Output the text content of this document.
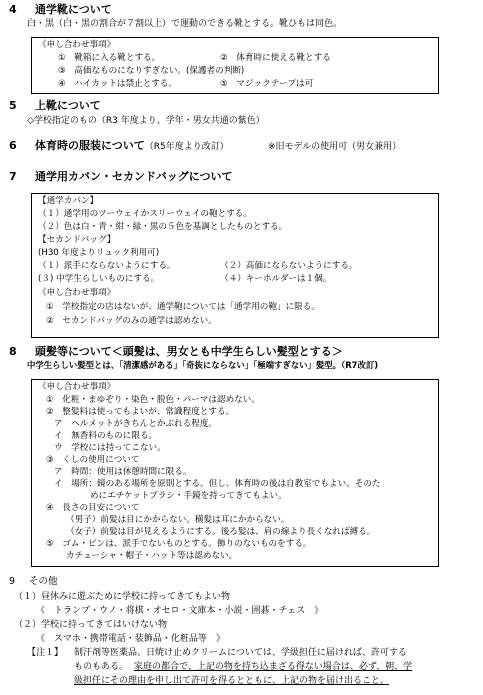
4 通学靴について
白・黒（白・黒の割合が７割以上）で運動のできる靴とする。靴ひもは同色。
《申し合わせ事項》
①　靴箱に入る靴とする。	②　体育時に使える靴とする
③　高価なものになりすぎない。(保護者の判断)
④　ハイカットは禁止とする。	⑤　マジックテープは可
5 上靴について
◇学校指定のもの（R3 年度より、学年・男女共通の紫色）
6 体育時の服装について（R5年度より改訂）	※旧モデルの使用可（男女兼用）
7 通学用カバン・セカンドバッグについて
【通学カバン】
（１）通学用のツーウェイかスリーウェイの鞄とする。
（２）色は白・青・紺・緑・黒の５色を基調としたものとする。
【セカンドバッグ】
(H30 年度よりリュック利用可)
（１）派手にならないようにする。	（２）高価にならないようにする。
(３) 中学生らしいものにする。	（４）キーホルダーは１個。
《申し合わせ事項》
①　学校指定の店はないが、通学鞄については「通学用の鞄」に限る。
②　セカンドバッグのみの通学は認めない。
8 頭髪等について＜頭髪は、男女とも中学生らしい髪型とする＞
中学生らしい髪型とは、「清潔感がある」「奇抜にならない」「極端すぎない」髪型。（R7改訂)
《申し合わせ事項》
①　化粧・まゆぞり・染色・脱色・パーマは認めない。
②　整髪料は使ってもよいが、常識程度とする。
ア　ヘルメットがきちんとかぶれる程度。
イ　無香料のものに限る。
ウ　学校には持ってこない。
③　くしの使用について
ア　時間：使用は休憩時間に限る。
イ　場所：鏡のある場所を原則とする。但し、体育時の後は自教室でもよい。そのた
めにエチケットブラシ・手鏡を持ってきてもよい。
④　長さの目安について
（男子）前髪は目にかからない。横髪は耳にかからない。
（女子）前髪は目が見えるようにする。後ろ髪は、肩の線より長くなれば縛る。
⑤　ゴム・ピンは、派手でないものとする。飾りのないものをする。
カチューシャ・帽子・ハット等は認めない。
9 その他
（１）昼休みに遊ぶために学校に持ってきてもよい物
《　トランプ・ウノ・将棋・オセロ・文庫本・小説・囲碁・チェス　》
（２）学校に持ってきてはいけない物
《　スマホ・携帯電話・装飾品・化粧品等　》
【注１】 制汗剤等医薬品、日焼け止めクリームについては、学級担任に届ければ、許可する
ものもある。 家庭の都合で、上記の物を持ち込まざる得ない場合は、必ず、朝、学
級担任にその理由を申し出て許可を得るとともに、上記の物を届け出ること。
